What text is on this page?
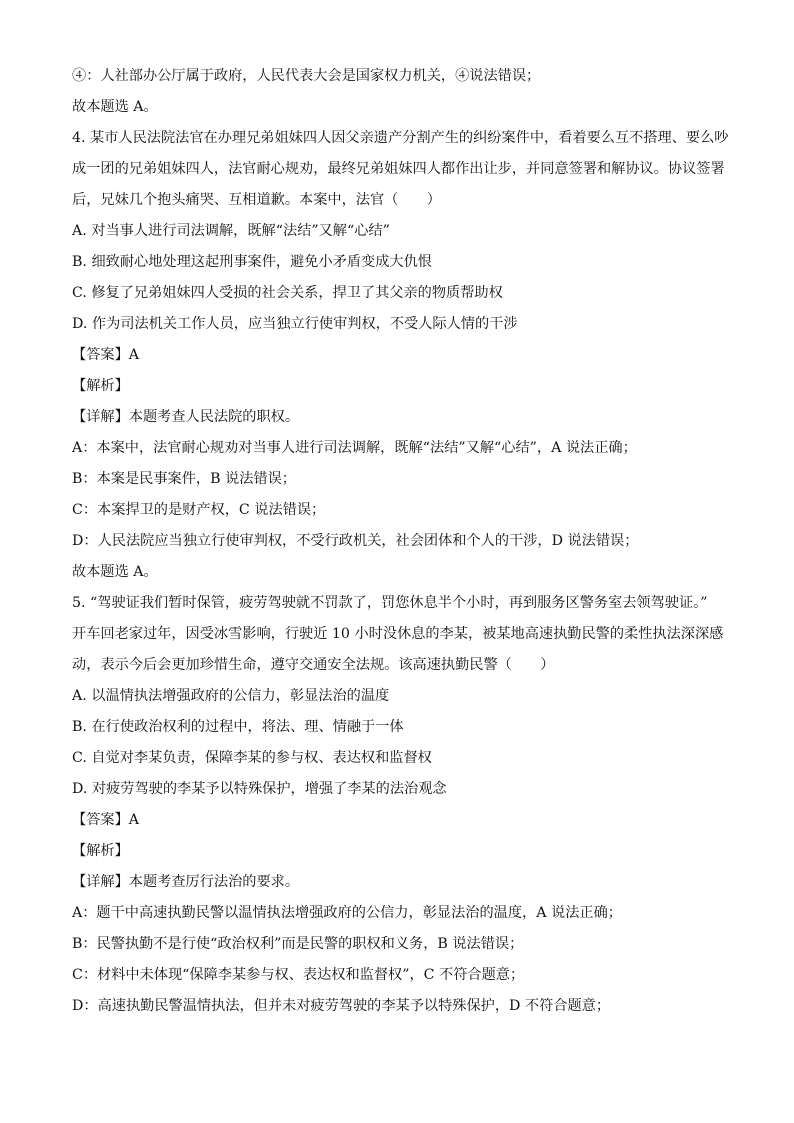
④：人社部办公厅属于政府，人民代表大会是国家权力机关，④说法错误；
故本题选 A。
4. 某市人民法院法官在办理兄弟姐妹四人因父亲遗产分割产生的纠纷案件中，看着要么互不搭理、要么吵
成一团的兄弟姐妹四人，法官耐心规劝，最终兄弟姐妹四人都作出让步，并同意签署和解协议。协议签署
后，兄妹几个抱头痛哭、互相道歉。本案中，法官（　　）
A. 对当事人进行司法调解，既解“法结”又解“心结”
B. 细致耐心地处理这起刑事案件，避免小矛盾变成大仇恨
C. 修复了兄弟姐妹四人受损的社会关系，捍卫了其父亲的物质帮助权
D. 作为司法机关工作人员，应当独立行使审判权，不受人际人情的干涉
【答案】A
【解析】
【详解】本题考查人民法院的职权。
A：本案中，法官耐心规劝对当事人进行司法调解，既解“法结”又解“心结”，A 说法正确；
B：本案是民事案件，B 说法错误；
C：本案捍卫的是财产权，C 说法错误；
D：人民法院应当独立行使审判权，不受行政机关，社会团体和个人的干涉，D 说法错误；
故本题选 A。
5. “驾驶证我们暂时保管，疲劳驾驶就不罚款了，罚您休息半个小时，再到服务区警务室去领驾驶证。”
开车回老家过年，因受冰雪影响，行驶近 10 小时没休息的李某，被某地高速执勤民警的柔性执法深深感
动，表示今后会更加珍惜生命，遵守交通安全法规。该高速执勤民警（　　）
A. 以温情执法增强政府的公信力，彰显法治的温度
B. 在行使政治权利的过程中，将法、理、情融于一体
C. 自觉对李某负责，保障李某的参与权、表达权和监督权
D. 对疲劳驾驶的李某予以特殊保护，增强了李某的法治观念
【答案】A
【解析】
【详解】本题考查厉行法治的要求。
A：题干中高速执勤民警以温情执法增强政府的公信力，彰显法治的温度，A 说法正确；
B：民警执勤不是行使“政治权利”而是民警的职权和义务，B 说法错误；
C：材料中未体现“保障李某参与权、表达权和监督权”，C 不符合题意；
D：高速执勤民警温情执法，但并未对疲劳驾驶的李某予以特殊保护，D 不符合题意；
